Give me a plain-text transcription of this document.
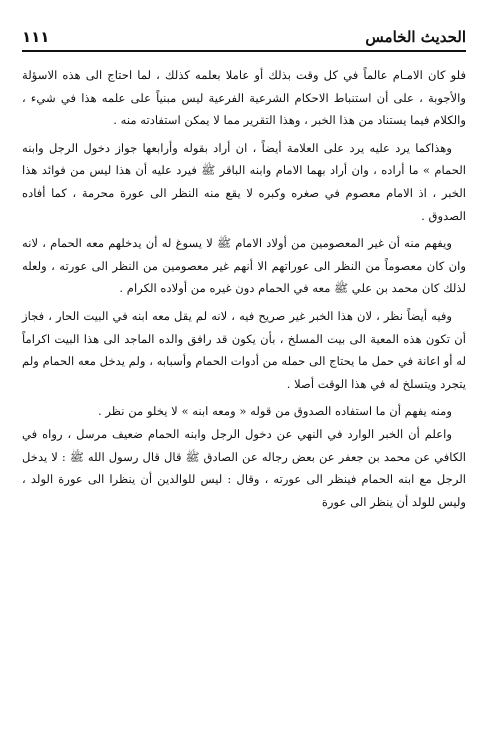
الحديث الخامس
١١١

فلو كان الامـام عالماً في كل وقت بذلك أو عاملا بعلمه كذلك ، لما احتاج الى هذه الاسؤلة والأجوبة ، على أن استنباط الاحكام الشرعية الفرعية ليس مبنياً على علمه هذا في شيء ، والكلام فيما يستناد من هذا الخبر ، وهذا التقرير مما لا يمكن استفادته منه .

وهذاكما يرد عليه يرد على العلامة أيضاً ، ان أراد بقوله وأرابعها جواز دخول الرجل وابنه الحمام » ما أراده ، وان أراد بهما الامام وابنه الباقر ﷺ فيرد عليه أن هذا ليس من فوائد هذا الخبر ، اذ الامام معصوم في صغره وكبره لا يقع منه النظر الى عورة محرمة ، كما أفاده الصدوق .

ويفهم منه أن غير المعصومين من أولاد الامام ﷺ لا يسوغ له أن يدخلهم معه الحمام ، لانه وان كان معصوماً من النظر الى عوراتهم الا أنهم غير معصومين من النظر الى عورته ، ولعله لذلك كان محمد بن علي ﷺ معه في الحمام دون غيره من أولاده الكرام .

وفيه أيضاً نظر ، لان هذا الخبر غير صريح فيه ، لانه لم يقل معه ابنه في البيت الحار ، فجاز أن تكون هذه المعية الى بيت المسلخ ، بأن يكون قد رافق والده الماجد الى هذا البيت اكراماً له أو اعانة في حمل ما يحتاج الى حمله من أدوات الحمام وأسبابه ، ولم يدخل معه الحمام ولم يتجرد ويتسلخ له في هذا الوقت أصلا .

ومنه يفهم أن ما استفاده الصدوق من قوله « ومعه ابنه » لا يخلو من نظر .

واعلم أن الخبر الوارد في النهي عن دخول الرجل وابنه الحمام ضعيف مرسل ، رواه في الكافي عن محمد بن جعفر عن بعض رجاله عن الصادق ﷺ قال قال رسول الله ﷺ : لا يدخل الرجل مع ابنه الحمام فينظر الى عورته ، وقال : ليس للوالدين أن ينظرا الى عورة الولد ، وليس للولد أن ينظر الى عورة
